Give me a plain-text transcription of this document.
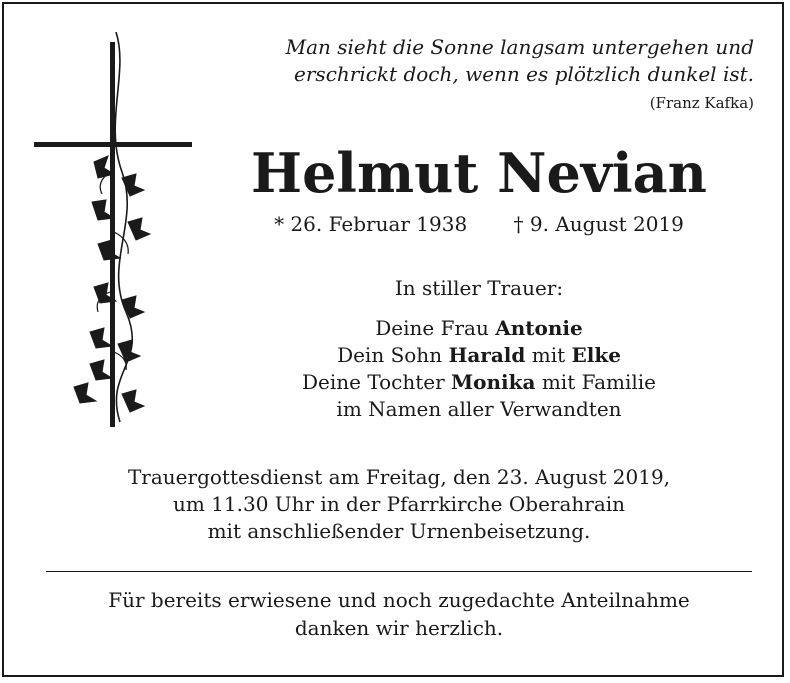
Man sieht die Sonne langsam untergehen und
erschrickt doch, wenn es plötzlich dunkel ist.
(Franz Kafka)
Helmut Nevian
* 26. Februar 1938 † 9. August 2019
In stiller Trauer:
Deine Frau Antonie
Dein Sohn Harald mit Elke
Deine Tochter Monika mit Familie
im Namen aller Verwandten
Trauergottesdienst am Freitag, den 23. August 2019,
um 11.30 Uhr in der Pfarrkirche Oberahrain
mit anschließender Urnenbeisetzung.
Für bereits erwiesene und noch zugedachte Anteilnahme
danken wir herzlich.
